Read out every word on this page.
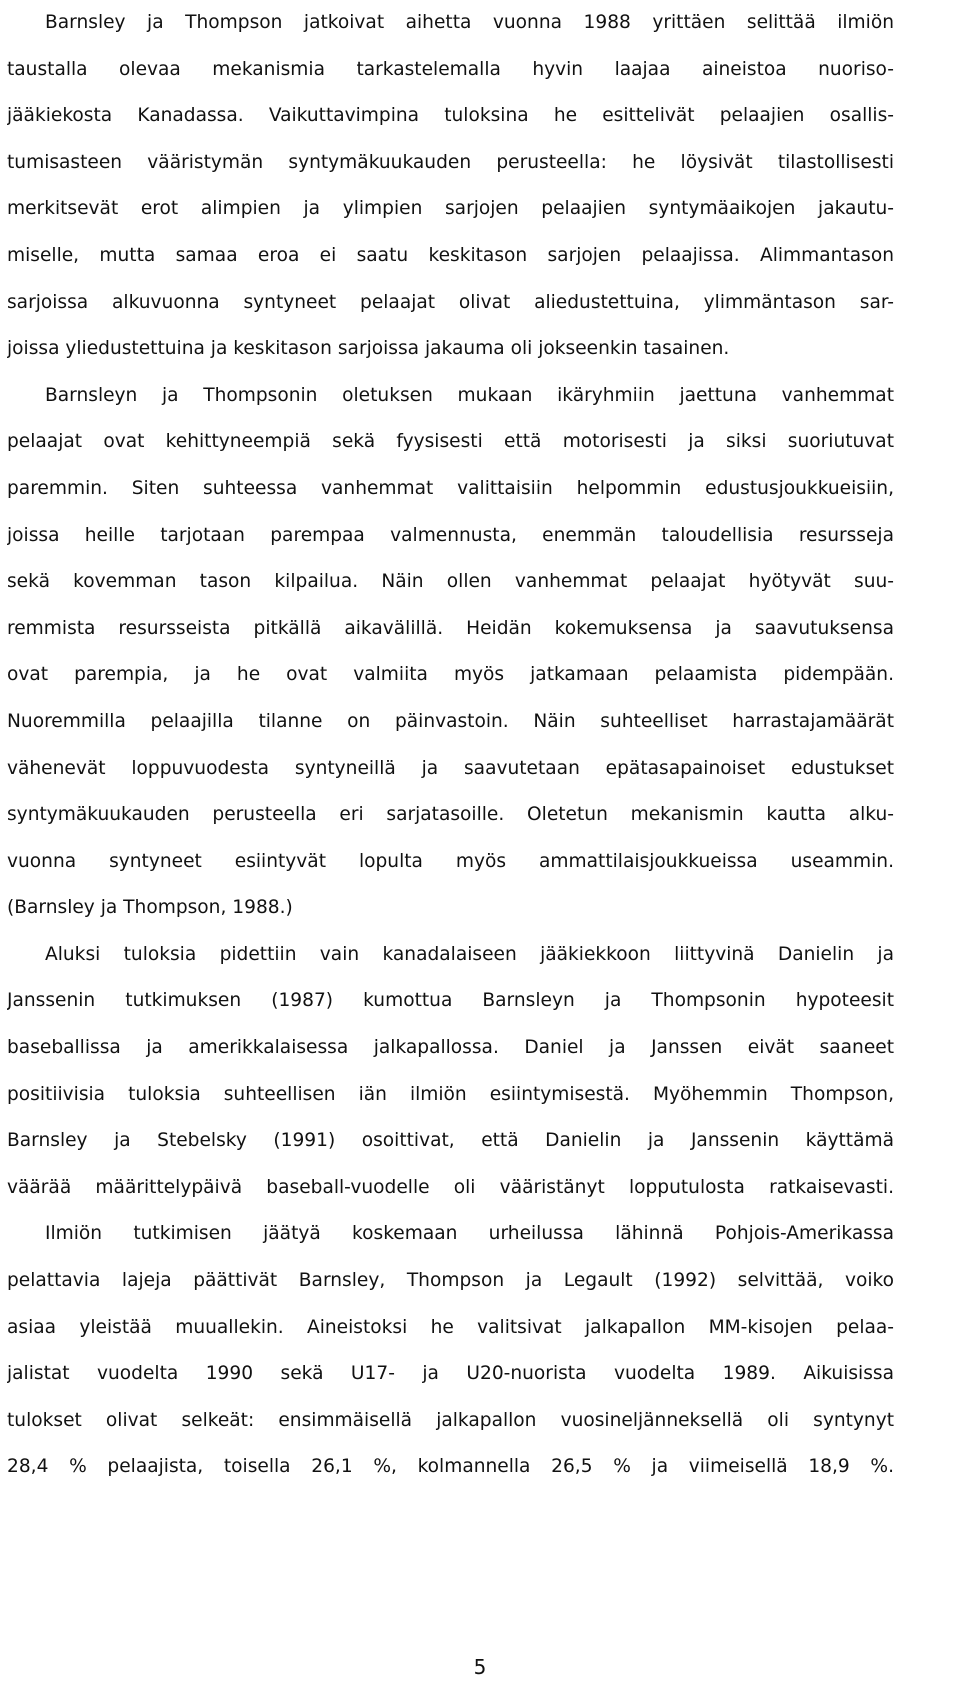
Barnsley ja Thompson jatkoivat aihetta vuonna 1988 yrittäen selittää ilmiön
taustalla olevaa mekanismia tarkastelemalla hyvin laajaa aineistoa nuoriso-
jääkiekosta Kanadassa. Vaikuttavimpina tuloksina he esittelivät pelaajien osallis-
tumisasteen vääristymän syntymäkuukauden perusteella: he löysivät tilastollisesti
merkitsevät erot alimpien ja ylimpien sarjojen pelaajien syntymäaikojen jakautu-
miselle, mutta samaa eroa ei saatu keskitason sarjojen pelaajissa. Alimmantason
sarjoissa alkuvuonna syntyneet pelaajat olivat aliedustettuina, ylimmäntason sar-
joissa yliedustettuina ja keskitason sarjoissa jakauma oli jokseenkin tasainen.
Barnsleyn ja Thompsonin oletuksen mukaan ikäryhmiin jaettuna vanhemmat
pelaajat ovat kehittyneempiä sekä fyysisesti että motorisesti ja siksi suoriutuvat
paremmin. Siten suhteessa vanhemmat valittaisiin helpommin edustusjoukkueisiin,
joissa heille tarjotaan parempaa valmennusta, enemmän taloudellisia resursseja
sekä kovemman tason kilpailua. Näin ollen vanhemmat pelaajat hyötyvät suu-
remmista resursseista pitkällä aikavälillä. Heidän kokemuksensa ja saavutuksensa
ovat parempia, ja he ovat valmiita myös jatkamaan pelaamista pidempään.
Nuoremmilla pelaajilla tilanne on päinvastoin. Näin suhteelliset harrastajamäärät
vähenevät loppuvuodesta syntyneillä ja saavutetaan epätasapainoiset edustukset
syntymäkuukauden perusteella eri sarjatasoille. Oletetun mekanismin kautta alku-
vuonna syntyneet esiintyvät lopulta myös ammattilaisjoukkueissa useammin.
(Barnsley ja Thompson, 1988.)
Aluksi tuloksia pidettiin vain kanadalaiseen jääkiekkoon liittyvinä Danielin ja
Janssenin tutkimuksen (1987) kumottua Barnsleyn ja Thompsonin hypoteesit
baseballissa ja amerikkalaisessa jalkapallossa. Daniel ja Janssen eivät saaneet
positiivisia tuloksia suhteellisen iän ilmiön esiintymisestä. Myöhemmin Thompson,
Barnsley ja Stebelsky (1991) osoittivat, että Danielin ja Janssenin käyttämä
väärää määrittelypäivä baseball-vuodelle oli vääristänyt lopputulosta ratkaisevasti.
Ilmiön tutkimisen jäätyä koskemaan urheilussa lähinnä Pohjois-Amerikassa
pelattavia lajeja päättivät Barnsley, Thompson ja Legault (1992) selvittää, voiko
asiaa yleistää muuallekin. Aineistoksi he valitsivat jalkapallon MM-kisojen pelaa-
jalistat vuodelta 1990 sekä U17- ja U20-nuorista vuodelta 1989. Aikuisissa
tulokset olivat selkeät: ensimmäisellä jalkapallon vuosineljänneksellä oli syntynyt
28,4 % pelaajista, toisella 26,1 %, kolmannella 26,5 % ja viimeisellä 18,9 %.
5
